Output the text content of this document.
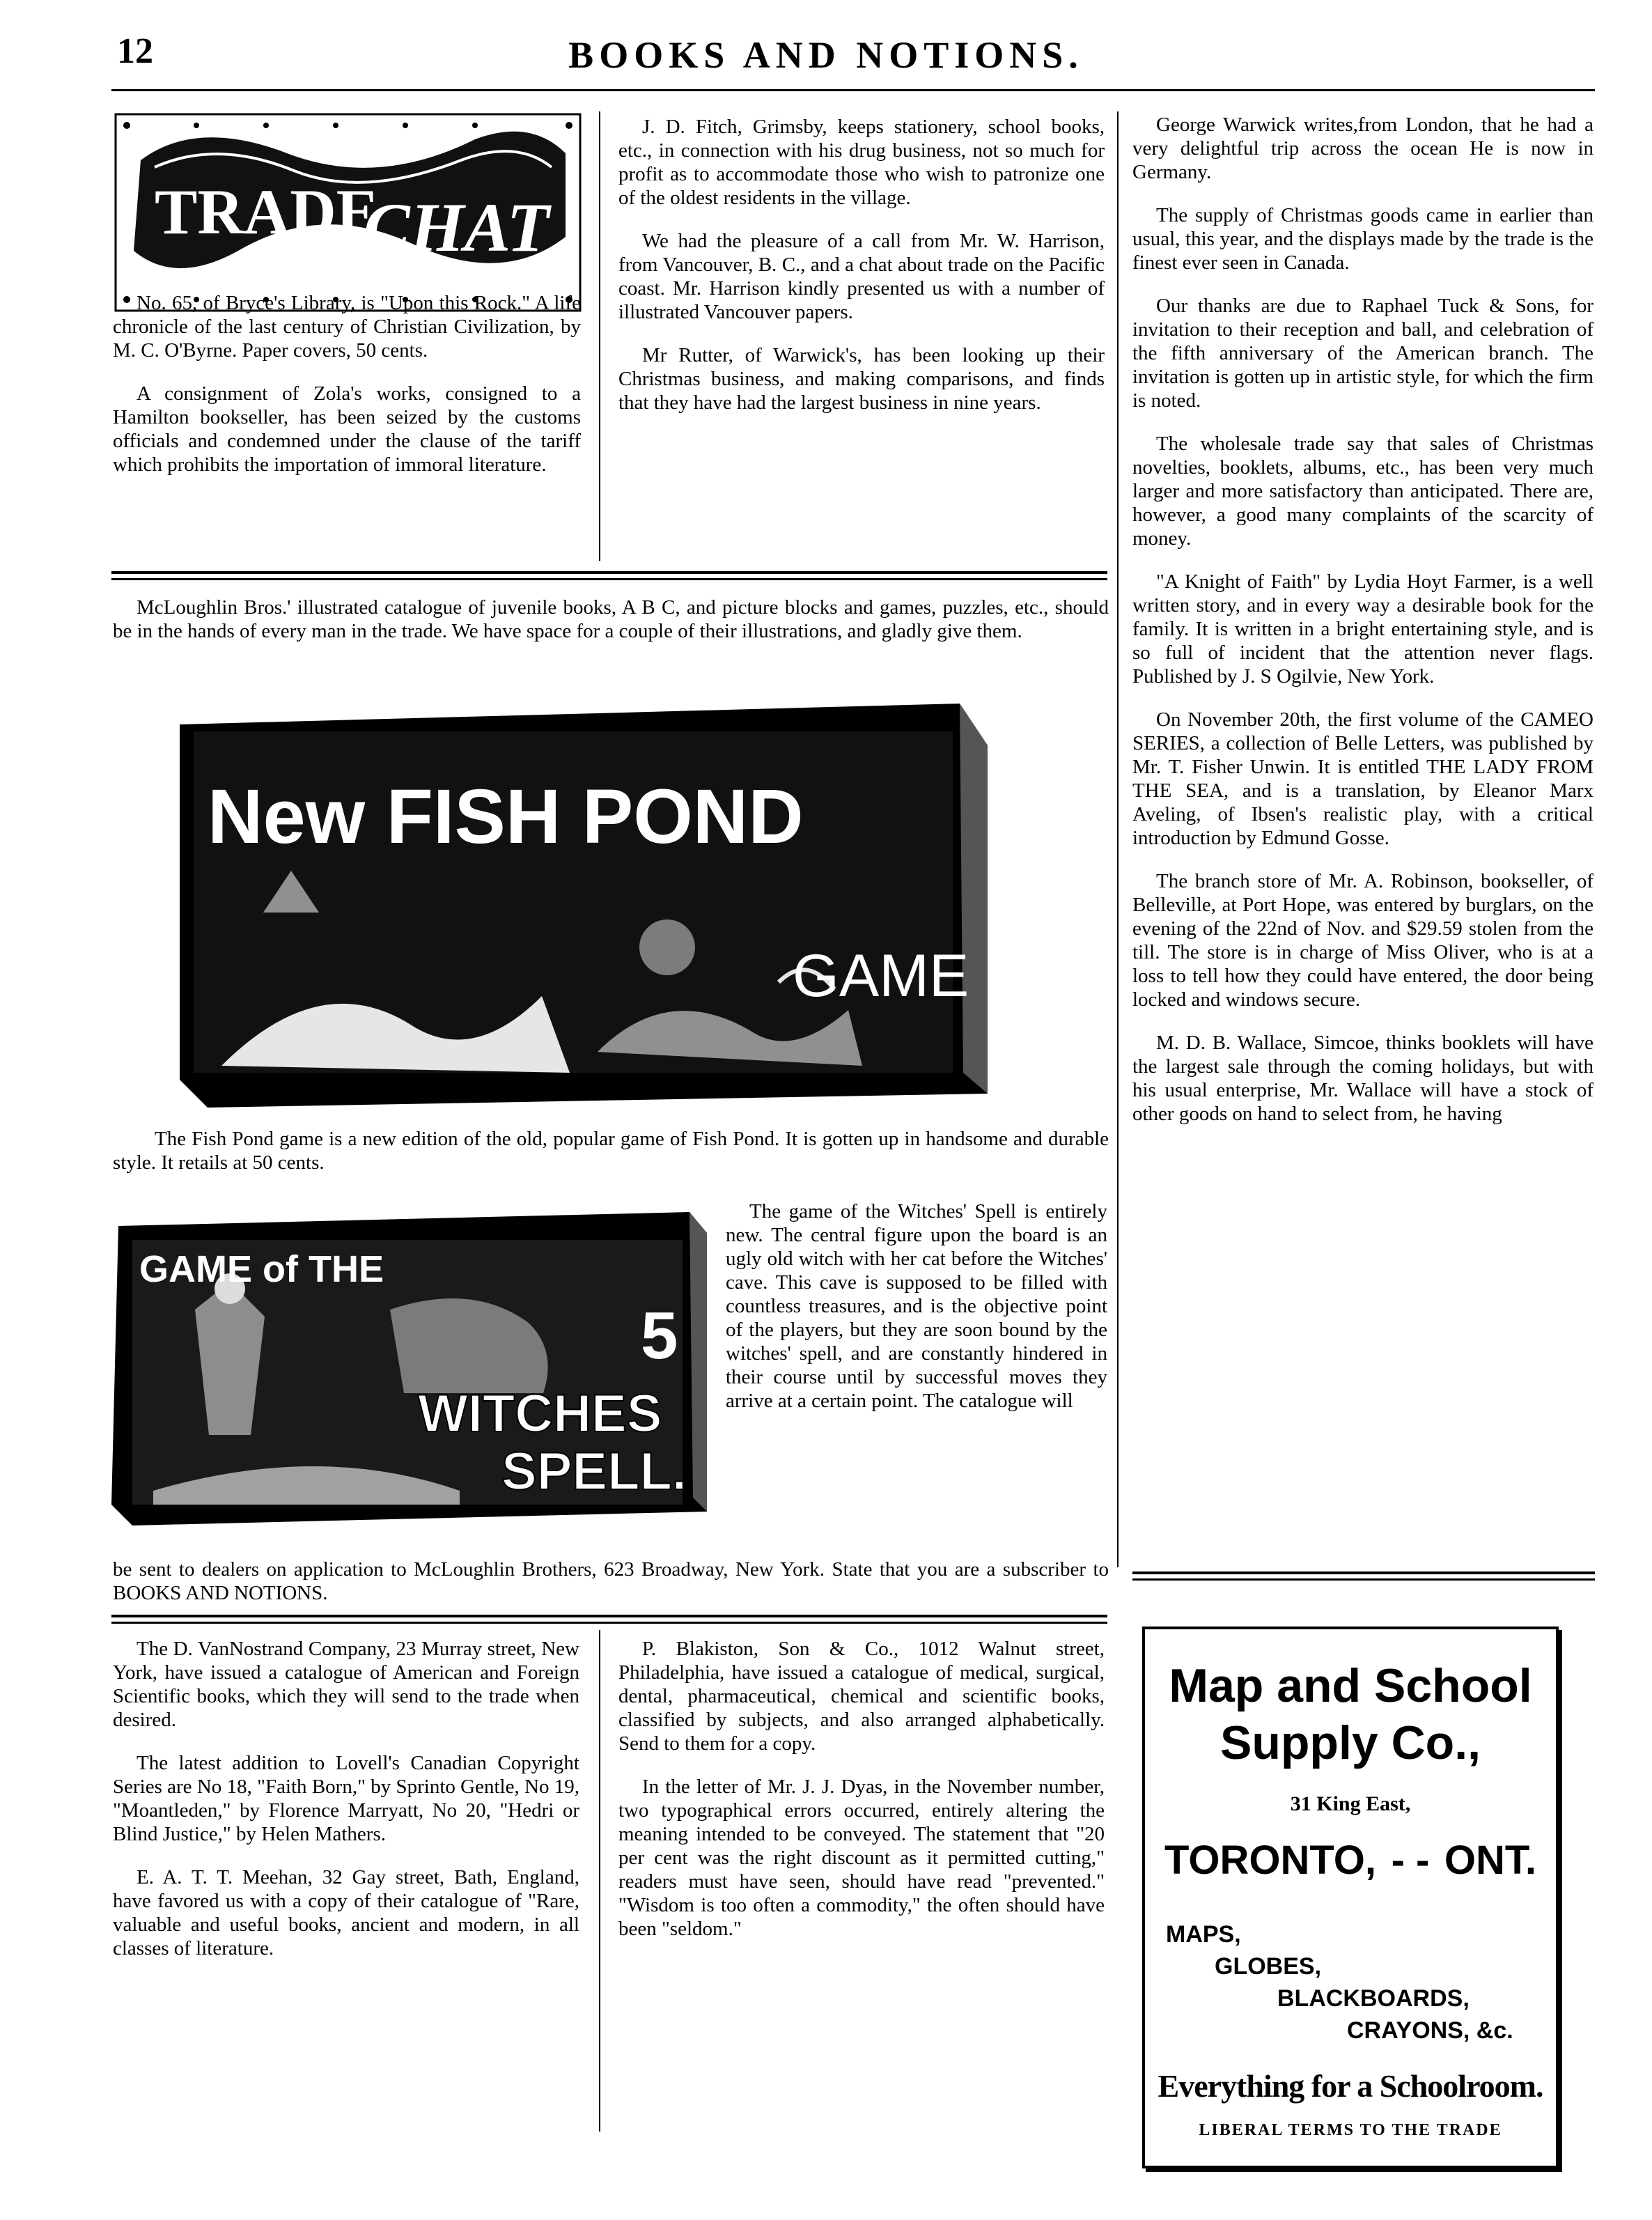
12	BOOKS AND NOTIONS.
TRADE
CHAT

No. 65, of Bryce's Library, is "Upon this Rock." A life chronicle of the last century of Christian Civilization, by M. C. O'Byrne. Paper covers, 50 cents.

A consignment of Zola's works, consigned to a Hamilton bookseller, has been seized by the customs officials and condemned under the clause of the tariff which prohibits the importation of immoral literature.

J. D. Fitch, Grimsby, keeps stationery, school books, etc., in connection with his drug business, not so much for profit as to accommodate those who wish to patronize one of the oldest residents in the village.

We had the pleasure of a call from Mr. W. Harrison, from Vancouver, B. C., and a chat about trade on the Pacific coast. Mr. Harrison kindly presented us with a number of illustrated Vancouver papers.

Mr Rutter, of Warwick's, has been looking up their Christmas business, and making comparisons, and finds that they have had the largest business in nine years.

George Warwick writes,from London, that he had a very delightful trip across the ocean He is now in Germany.

The supply of Christmas goods came in earlier than usual, this year, and the displays made by the trade is the finest ever seen in Canada.

Our thanks are due to Raphael Tuck & Sons, for invitation to their reception and ball, and celebration of the fifth anniversary of the American branch. The invitation is gotten up in artistic style, for which the firm is noted.

The wholesale trade say that sales of Christmas novelties, booklets, albums, etc., has been very much larger and more satisfactory than anticipated. There are, however, a good many complaints of the scarcity of money.

"A Knight of Faith" by Lydia Hoyt Farmer, is a well written story, and in every way a desirable book for the family. It is written in a bright entertaining style, and is so full of incident that the attention never flags. Published by J. S Ogilvie, New York.

On November 20th, the first volume of the CAMEO SERIES, a collection of Belle Letters, was published by Mr. T. Fisher Unwin. It is entitled THE LADY FROM THE SEA, and is a translation, by Eleanor Marx Aveling, of Ibsen's realistic play, with a critical introduction by Edmund Gosse.

The branch store of Mr. A. Robinson, bookseller, of Belleville, at Port Hope, was entered by burglars, on the evening of the 22nd of Nov. and $29.59 stolen from the till. The store is in charge of Miss Oliver, who is at a loss to tell how they could have entered, the door being locked and windows secure.

M. D. B. Wallace, Simcoe, thinks booklets will have the largest sale through the coming holidays, but with his usual enterprise, Mr. Wallace will have a stock of other goods on hand to select from, he having

McLoughlin Bros.' illustrated catalogue of juvenile books, A B C, and picture blocks and games, puzzles, etc., should be in the hands of every man in the trade. We have space for a couple of their illustrations, and gladly give them.
New FISH POND
GAME
The Fish Pond game is a new edition of the old, popular game of Fish Pond. It is gotten up in handsome and durable style. It retails at 50 cents.
GAME of THE
5
WITCHES
SPELL.
The game of the Witches' Spell is entirely new. The central figure upon the board is an ugly old witch with her cat before the Witches' cave. This cave is supposed to be filled with countless treasures, and is the objective point of the players, but they are soon bound by the witches' spell, and are constantly hindered in their course until by successful moves they arrive at a certain point. The catalogue will
be sent to dealers on application to McLoughlin Brothers, 623 Broadway, New York. State that you are a subscriber to BOOKS AND NOTIONS.

The D. VanNostrand Company, 23 Murray street, New York, have issued a catalogue of American and Foreign Scientific books, which they will send to the trade when desired.

The latest addition to Lovell's Canadian Copyright Series are No 18, "Faith Born," by Sprinto Gentle, No 19, "Moantleden," by Florence Marryatt, No 20, "Hedri or Blind Justice," by Helen Mathers.

E. A. T. T. Meehan, 32 Gay street, Bath, England, have favored us with a copy of their catalogue of "Rare, valuable and useful books, ancient and modern, in all classes of literature.

P. Blakiston, Son & Co., 1012 Walnut street, Philadelphia, have issued a catalogue of medical, surgical, dental, pharmaceutical, chemical and scientific books, classified by subjects, and also arranged alphabetically. Send to them for a copy.

In the letter of Mr. J. J. Dyas, in the November number, two typographical errors occurred, entirely altering the meaning intended to be conveyed. The statement that "20 per cent was the right discount as it permitted cutting," readers must have seen, should have read "prevented." "Wisdom is too often a commodity," the often should have been "seldom."

Map and School
Supply Co.,
31 King East,
TORONTO, - - ONT.
MAPS,
GLOBES,
BLACKBOARDS,
CRAYONS, &c.
Everything for a Schoolroom.
LIBERAL TERMS TO THE TRADE
